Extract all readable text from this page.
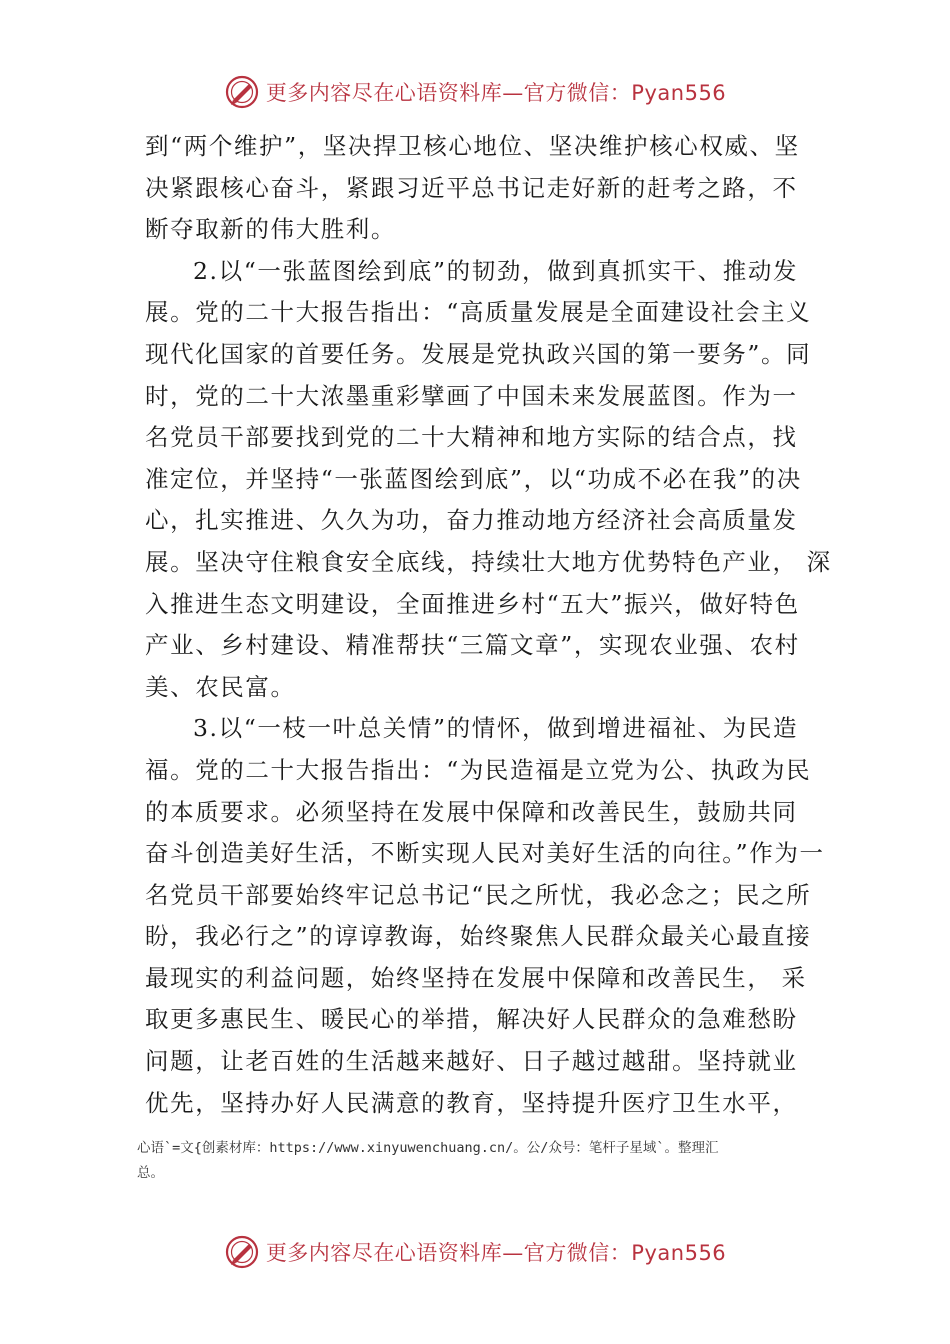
更多内容尽在心语资料库—官方微信：Pyan556
到“两个维护”，坚决捍卫核心地位、坚决维护核心权威、坚
决紧跟核心奋斗，紧跟习近平总书记走好新的赶考之路，不
断夺取新的伟大胜利。
2.以“一张蓝图绘到底”的韧劲，做到真抓实干、推动发
展。党的二十大报告指出：“高质量发展是全面建设社会主义
现代化国家的首要任务。发展是党执政兴国的第一要务”。同
时，党的二十大浓墨重彩擘画了中国未来发展蓝图。作为一
名党员干部要找到党的二十大精神和地方实际的结合点，找
准定位，并坚持“一张蓝图绘到底”，以“功成不必在我”的决
心，扎实推进、久久为功，奋力推动地方经济社会高质量发
展。坚决守住粮食安全底线，持续壮大地方优势特色产业， 深
入推进生态文明建设，全面推进乡村“五大”振兴，做好特色
产业、乡村建设、精准帮扶“三篇文章”，实现农业强、农村
美、农民富。
3.以“一枝一叶总关情”的情怀，做到增进福祉、为民造
福。党的二十大报告指出：“为民造福是立党为公、执政为民
的本质要求。必须坚持在发展中保障和改善民生，鼓励共同
奋斗创造美好生活，不断实现人民对美好生活的向往。”作为一
名党员干部要始终牢记总书记“民之所忧，我必念之；民之所
盼，我必行之”的谆谆教诲，始终聚焦人民群众最关心最直接
最现实的利益问题，始终坚持在发展中保障和改善民生， 采
取更多惠民生、暖民心的举措，解决好人民群众的急难愁盼
问题，让老百姓的生活越来越好、日子越过越甜。坚持就业
优先，坚持办好人民满意的教育，坚持提升医疗卫生水平，
心语`=文{创素材库：https://www.xinyuwenchuang.cn/。公/众号：笔杆子星域`。整理汇
总。
更多内容尽在心语资料库—官方微信：Pyan556
